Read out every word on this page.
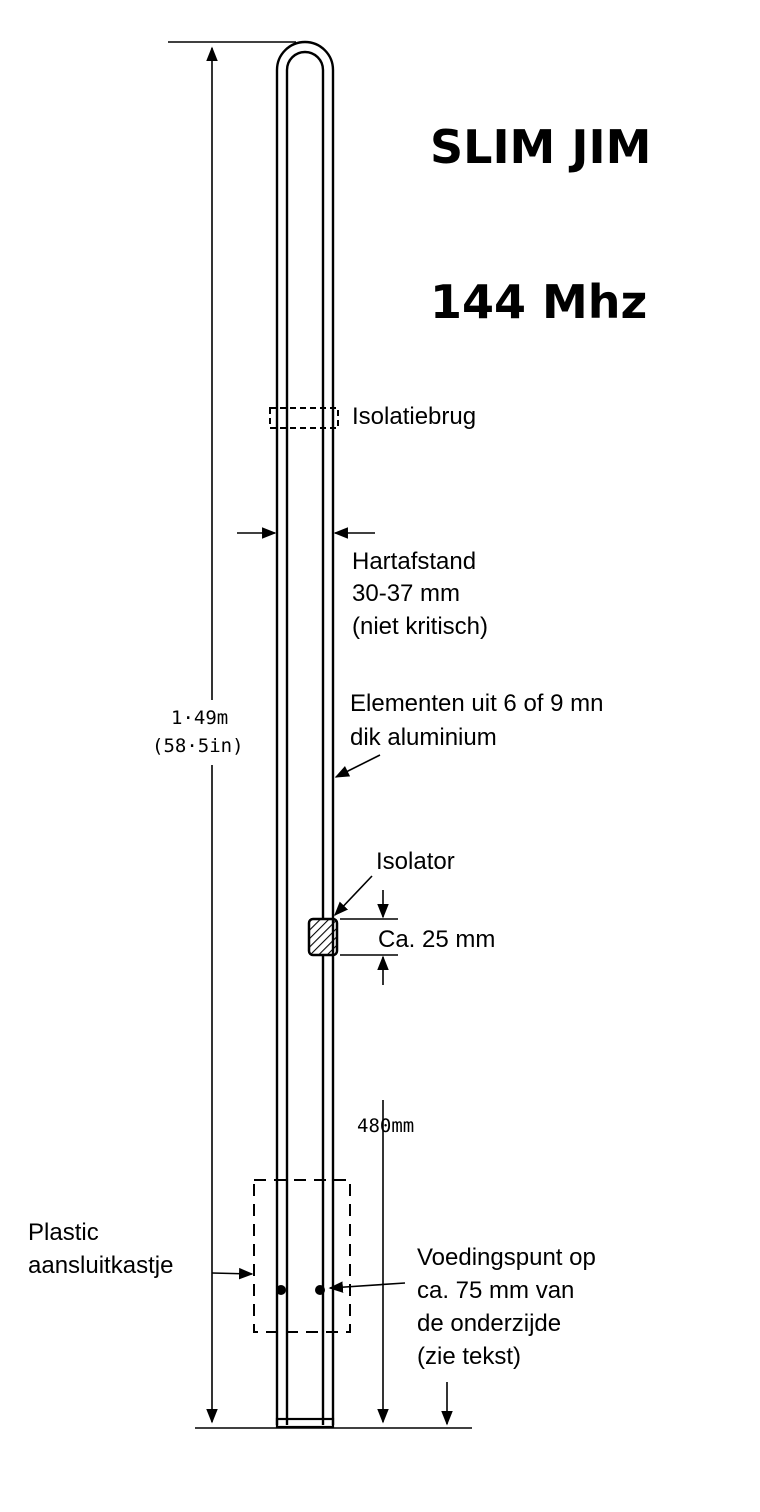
SLIM JIM
144 Mhz
Isolatiebrug
Hartafstand
30-37 mm
(niet kritisch)
Elementen uit 6 of 9 mn
dik aluminium
1·49m
(58·5in)
Isolator
Ca. 25 mm
480mm
Plastic
aansluitkastje	Voedingspunt op
ca. 75 mm van
de onderzijde
(zie tekst)
